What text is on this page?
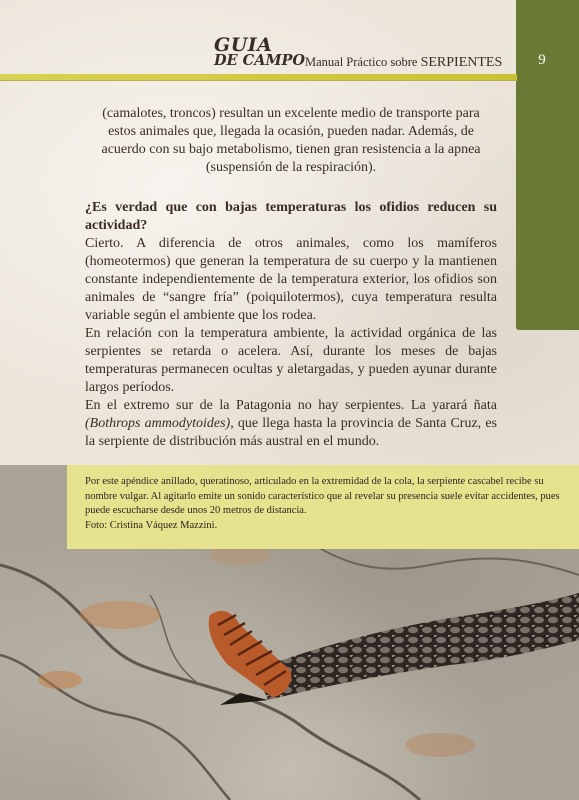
9
GUIA
DE CAMPO Manual Práctico sobre SERPIENTES
(camalotes, troncos) resultan un excelente medio de transporte para
estos animales que, llegada la ocasión, pueden nadar. Además, de
acuerdo con su bajo metabolismo, tienen gran resistencia a la apnea
(suspensión de la respiración).
¿Es verdad que con bajas temperaturas los ofidios reducen su actividad?
Cierto. A diferencia de otros animales, como los mamíferos (homeotermos) que generan la temperatura de su cuerpo y la mantienen constante independientemente de la temperatura exterior, los ofidios son animales de “sangre fría” (poiquilotermos), cuya temperatura resulta variable según el ambiente que los rodea.
En relación con la temperatura ambiente, la actividad orgánica de las serpientes se retarda o acelera. Así, durante los meses de bajas temperaturas permanecen ocultas y aletargadas, y pueden ayunar durante largos períodos.
En el extremo sur de la Patagonia no hay serpientes. La yarará ñata (Bothrops ammodytoides), que llega hasta la provincia de Santa Cruz, es la serpiente de distribución más austral en el mundo.
Por este apéndice anillado, queratinoso, articulado en la extremidad de la cola, la serpiente cascabel recibe su nombre vulgar. Al agitarlo emite un sonido característico que al revelar su presencia suele evitar accidentes, pues puede escucharse desde unos 20 metros de distancia.
Foto: Cristina Váquez Mazzini.
